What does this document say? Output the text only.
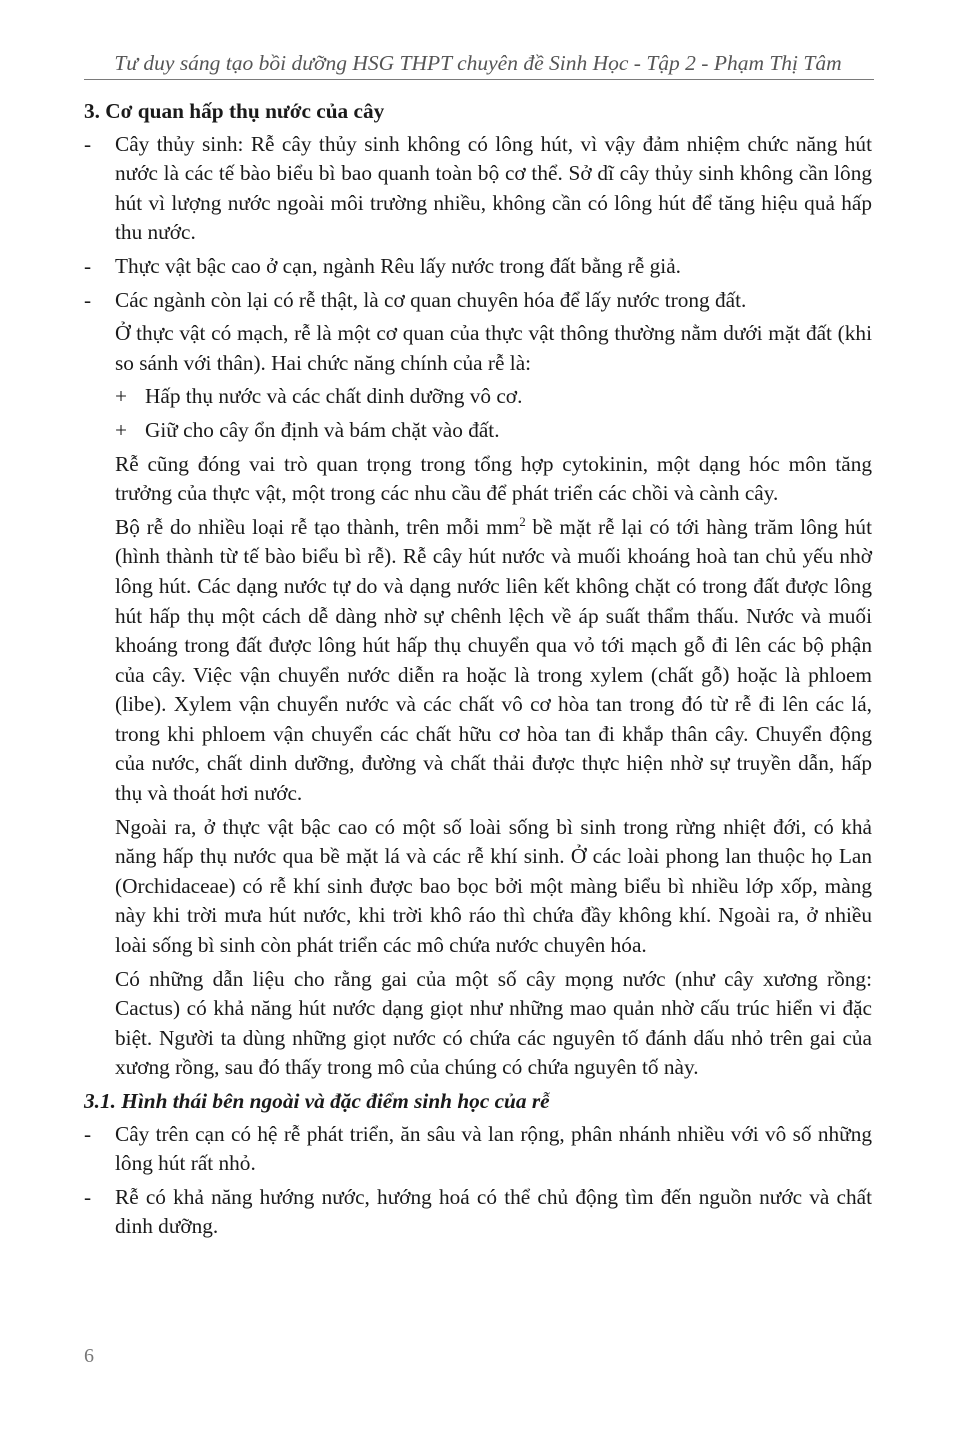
Tư duy sáng tạo bồi dưỡng HSG THPT chuyên đề Sinh Học - Tập 2 - Phạm Thị Tâm
3. Cơ quan hấp thụ nước của cây
- Cây thủy sinh: Rễ cây thủy sinh không có lông hút, vì vậy đảm nhiệm chức năng hút nước là các tế bào biểu bì bao quanh toàn bộ cơ thể. Sở dĩ cây thủy sinh không cần lông hút vì lượng nước ngoài môi trường nhiều, không cần có lông hút để tăng hiệu quả hấp thu nước.
- Thực vật bậc cao ở cạn, ngành Rêu lấy nước trong đất bằng rễ giả.
- Các ngành còn lại có rễ thật, là cơ quan chuyên hóa để lấy nước trong đất.
Ở thực vật có mạch, rễ là một cơ quan của thực vật thông thường nằm dưới mặt đất (khi so sánh với thân). Hai chức năng chính của rễ là:
+ Hấp thụ nước và các chất dinh dưỡng vô cơ.
+ Giữ cho cây ổn định và bám chặt vào đất.
Rễ cũng đóng vai trò quan trọng trong tổng hợp cytokinin, một dạng hóc môn tăng trưởng của thực vật, một trong các nhu cầu để phát triển các chồi và cành cây.
Bộ rễ do nhiều loại rễ tạo thành, trên mỗi $mm^2$ bề mặt rễ lại có tới hàng trăm lông hút (hình thành từ tế bào biểu bì rễ). Rễ cây hút nước và muối khoáng hoà tan chủ yếu nhờ lông hút. Các dạng nước tự do và dạng nước liên kết không chặt có trong đất được lông hút hấp thụ một cách dễ dàng nhờ sự chênh lệch về áp suất thẩm thấu. Nước và muối khoáng trong đất được lông hút hấp thụ chuyển qua vỏ tới mạch gỗ đi lên các bộ phận của cây. Việc vận chuyển nước diễn ra hoặc là trong xylem (chất gỗ) hoặc là phloem (libe). Xylem vận chuyển nước và các chất vô cơ hòa tan trong đó từ rễ đi lên các lá, trong khi phloem vận chuyển các chất hữu cơ hòa tan đi khắp thân cây. Chuyển động của nước, chất dinh dưỡng, đường và chất thải được thực hiện nhờ sự truyền dẫn, hấp thụ và thoát hơi nước.
Ngoài ra, ở thực vật bậc cao có một số loài sống bì sinh trong rừng nhiệt đới, có khả năng hấp thụ nước qua bề mặt lá và các rễ khí sinh. Ở các loài phong lan thuộc họ Lan (Orchidaceae) có rễ khí sinh được bao bọc bởi một màng biểu bì nhiều lớp xốp, màng này khi trời mưa hút nước, khi trời khô ráo thì chứa đầy không khí. Ngoài ra, ở nhiều loài sống bì sinh còn phát triển các mô chứa nước chuyên hóa.
Có những dẫn liệu cho rằng gai của một số cây mọng nước (như cây xương rồng: Cactus) có khả năng hút nước dạng giọt như những mao quản nhờ cấu trúc hiển vi đặc biệt. Người ta dùng những giọt nước có chứa các nguyên tố đánh dấu nhỏ trên gai của xương rồng, sau đó thấy trong mô của chúng có chứa nguyên tố này.
3.1. Hình thái bên ngoài và đặc điểm sinh học của rễ
- Cây trên cạn có hệ rễ phát triển, ăn sâu và lan rộng, phân nhánh nhiều với vô số những lông hút rất nhỏ.
- Rễ có khả năng hướng nước, hướng hoá có thể chủ động tìm đến nguồn nước và chất dinh dưỡng.
6
